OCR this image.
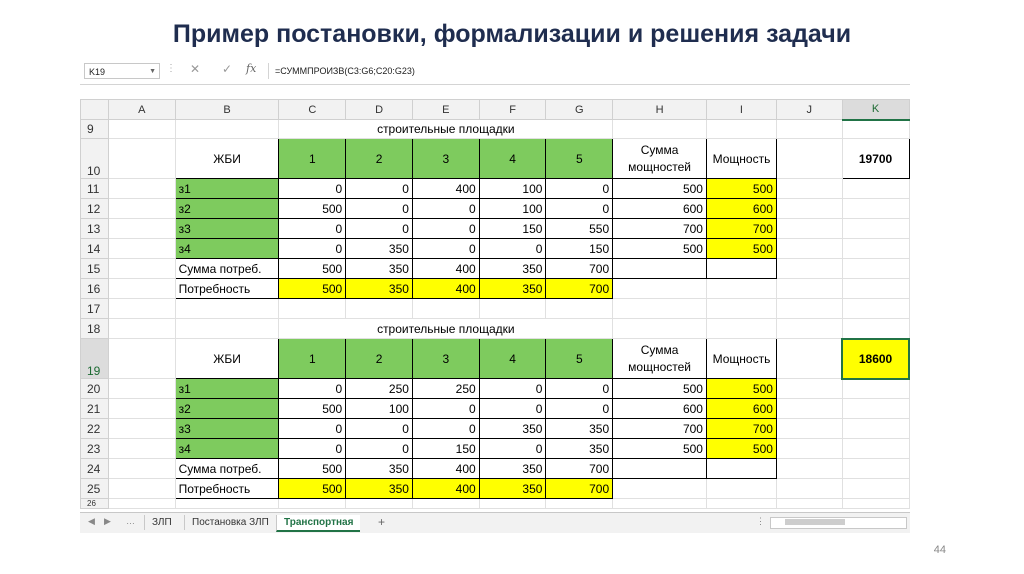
Пример постановки, формализации и решения задачи
K19	▼ ⋮ ✕ ✓ fx	=СУММПРОИЗВ(C3:G6;C20:G23)
	A	B	C	D	E	F	G	H	I	J	K
9			строительные площадки								
10		ЖБИ	1	2	3	4	5	Сумма мощностей	Мощность		19700
11		з1	0	0	400	100	0	500	500		
12		з2	500	0	0	100	0	600	600		
13		з3	0	0	0	150	550	700	700		
14		з4	0	350	0	0	150	500	500		
15		Сумма потреб.	500	350	400	350	700				
16		Потребность	500	350	400	350	700				
17											
18			строительные площадки								
19		ЖБИ	1	2	3	4	5	Сумма мощностей	Мощность		18600
20		з1	0	250	250	0	0	500	500		
21		з2	500	100	0	0	0	600	600		
22		з3	0	0	0	350	350	700	700		
23		з4	0	0	150	0	350	500	500		
24		Сумма потреб.	500	350	400	350	700				
25		Потребность	500	350	400	350	700				
26											
◀ ▶ …	ЗЛП	Постановка ЗЛП	Транспортная	+	⋮
44
